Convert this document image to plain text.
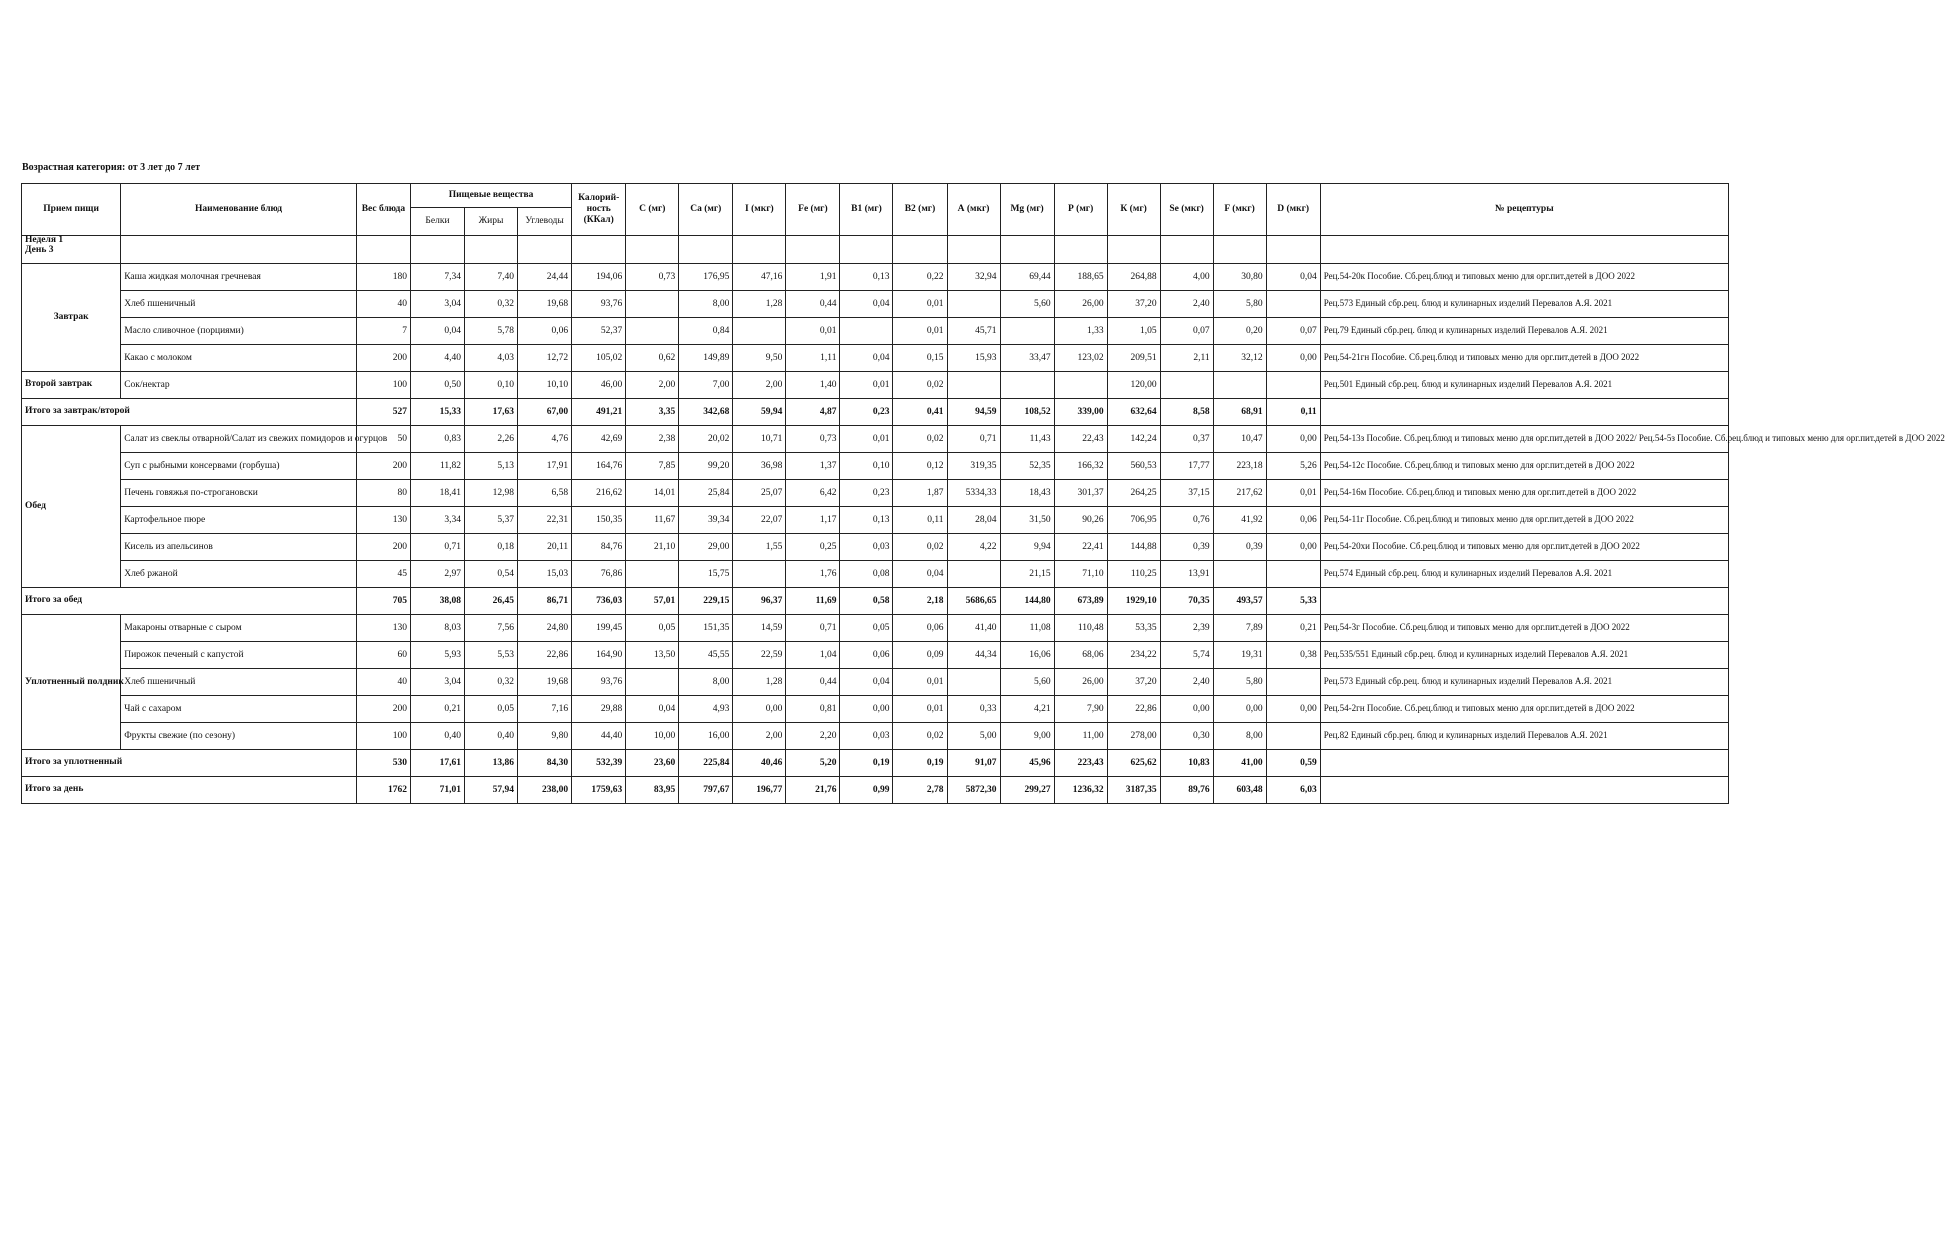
Возрастная категория: от 3 лет до 7 лет
Прием пищи	Наименование блюд	Вес блюда	Пищевые вещества			Калорий-ность (ККал)	С (мг)	Са (мг)	I (мкг)	Fe (мг)	В1 (мг)	В2 (мг)	А (мкг)	Mg (мг)	Р (мг)	К (мг)	Se (мкг)	F (мкг)	D (мкг)	№ рецептуры
			Белки	Жиры	Углеводы															

Неделя 1
День 3																				

Завтрак	Каша жидкая молочная гречневая	180	7,34	7,40	24,44	194,06	0,73	176,95	47,16	1,91	0,13	0,22	32,94	69,44	188,65	264,88	4,00	30,80	0,04	Рец.54-20к Пособие. Сб.рец.блюд и типовых меню для орг.пит.детей в ДОО 2022
	Хлеб пшеничный	40	3,04	0,32	19,68	93,76		8,00	1,28	0,44	0,04	0,01		5,60	26,00	37,20	2,40	5,80		Рец.573 Единый сбр.рец. блюд и кулинарных изделий Перевалов А.Я. 2021
	Масло сливочное (порциями)	7	0,04	5,78	0,06	52,37		0,84		0,01		0,01	45,71		1,33	1,05	0,07	0,20	0,07	Рец.79 Единый сбр.рец. блюд и кулинарных изделий Перевалов А.Я. 2021
	Какао с молоком	200	4,40	4,03	12,72	105,02	0,62	149,89	9,50	1,11	0,04	0,15	15,93	33,47	123,02	209,51	2,11	32,12	0,00	Рец.54-21гн Пособие. Сб.рец.блюд и типовых меню для орг.пит.детей в ДОО 2022
Второй завтрак	Сок/нектар	100	0,50	0,10	10,10	46,00	2,00	7,00	2,00	1,40	0,01	0,02				120,00				Рец.501 Единый сбр.рец. блюд и кулинарных изделий Перевалов А.Я. 2021
Итого за завтрак/второй		527	15,33	17,63	67,00	491,21	3,35	342,68	59,94	4,87	0,23	0,41	94,59	108,52	339,00	632,64	8,58	68,91	0,11	
Обед	Салат из свеклы отварной/Салат из свежих помидоров и огурцов	50	0,83	2,26	4,76	42,69	2,38	20,02	10,71	0,73	0,01	0,02	0,71	11,43	22,43	142,24	0,37	10,47	0,00	Рец.54-13з Пособие. Сб.рец.блюд и типовых меню для орг.пит.детей в ДОО 2022/ Рец.54-5з Пособие. Сб.рец.блюд и типовых меню для орг.пит.детей в ДОО 2022
	Суп с рыбными консервами (горбуша)	200	11,82	5,13	17,91	164,76	7,85	99,20	36,98	1,37	0,10	0,12	319,35	52,35	166,32	560,53	17,77	223,18	5,26	Рец.54-12с Пособие. Сб.рец.блюд и типовых меню для орг.пит.детей в ДОО 2022
	Печень говяжья по-строгановски	80	18,41	12,98	6,58	216,62	14,01	25,84	25,07	6,42	0,23	1,87	5334,33	18,43	301,37	264,25	37,15	217,62	0,01	Рец.54-16м Пособие. Сб.рец.блюд и типовых меню для орг.пит.детей в ДОО 2022
	Картофельное пюре	130	3,34	5,37	22,31	150,35	11,67	39,34	22,07	1,17	0,13	0,11	28,04	31,50	90,26	706,95	0,76	41,92	0,06	Рец.54-11г Пособие. Сб.рец.блюд и типовых меню для орг.пит.детей в ДОО 2022
	Кисель из апельсинов	200	0,71	0,18	20,11	84,76	21,10	29,00	1,55	0,25	0,03	0,02	4,22	9,94	22,41	144,88	0,39	0,39	0,00	Рец.54-20хи Пособие. Сб.рец.блюд и типовых меню для орг.пит.детей в ДОО 2022
	Хлеб ржаной	45	2,97	0,54	15,03	76,86		15,75		1,76	0,08	0,04		21,15	71,10	110,25	13,91			Рец.574 Единый сбр.рец. блюд и кулинарных изделий Перевалов А.Я. 2021
Итого за обед		705	38,08	26,45	86,71	736,03	57,01	229,15	96,37	11,69	0,58	2,18	5686,65	144,80	673,89	1929,10	70,35	493,57	5,33	
Уплотненный полдник	Макароны отварные с сыром	130	8,03	7,56	24,80	199,45	0,05	151,35	14,59	0,71	0,05	0,06	41,40	11,08	110,48	53,35	2,39	7,89	0,21	Рец.54-3г Пособие. Сб.рец.блюд и типовых меню для орг.пит.детей в ДОО 2022
	Пирожок печеный с капустой	60	5,93	5,53	22,86	164,90	13,50	45,55	22,59	1,04	0,06	0,09	44,34	16,06	68,06	234,22	5,74	19,31	0,38	Рец.535/551 Единый сбр.рец. блюд и кулинарных изделий Перевалов А.Я. 2021
	Хлеб пшеничный	40	3,04	0,32	19,68	93,76		8,00	1,28	0,44	0,04	0,01		5,60	26,00	37,20	2,40	5,80		Рец.573 Единый сбр.рец. блюд и кулинарных изделий Перевалов А.Я. 2021
	Чай с сахаром	200	0,21	0,05	7,16	29,88	0,04	4,93	0,00	0,81	0,00	0,01	0,33	4,21	7,90	22,86	0,00	0,00	0,00	Рец.54-2гн Пособие. Сб.рец.блюд и типовых меню для орг.пит.детей в ДОО 2022
	Фрукты свежие (по сезону)	100	0,40	0,40	9,80	44,40	10,00	16,00	2,00	2,20	0,03	0,02	5,00	9,00	11,00	278,00	0,30	8,00		Рец.82 Единый сбр.рец. блюд и кулинарных изделий Перевалов А.Я. 2021
Итого за уплотненный		530	17,61	13,86	84,30	532,39	23,60	225,84	40,46	5,20	0,19	0,19	91,07	45,96	223,43	625,62	10,83	41,00	0,59	
Итого за день		1762	71,01	57,94	238,00	1759,63	83,95	797,67	196,77	21,76	0,99	2,78	5872,30	299,27	1236,32	3187,35	89,76	603,48	6,03	
